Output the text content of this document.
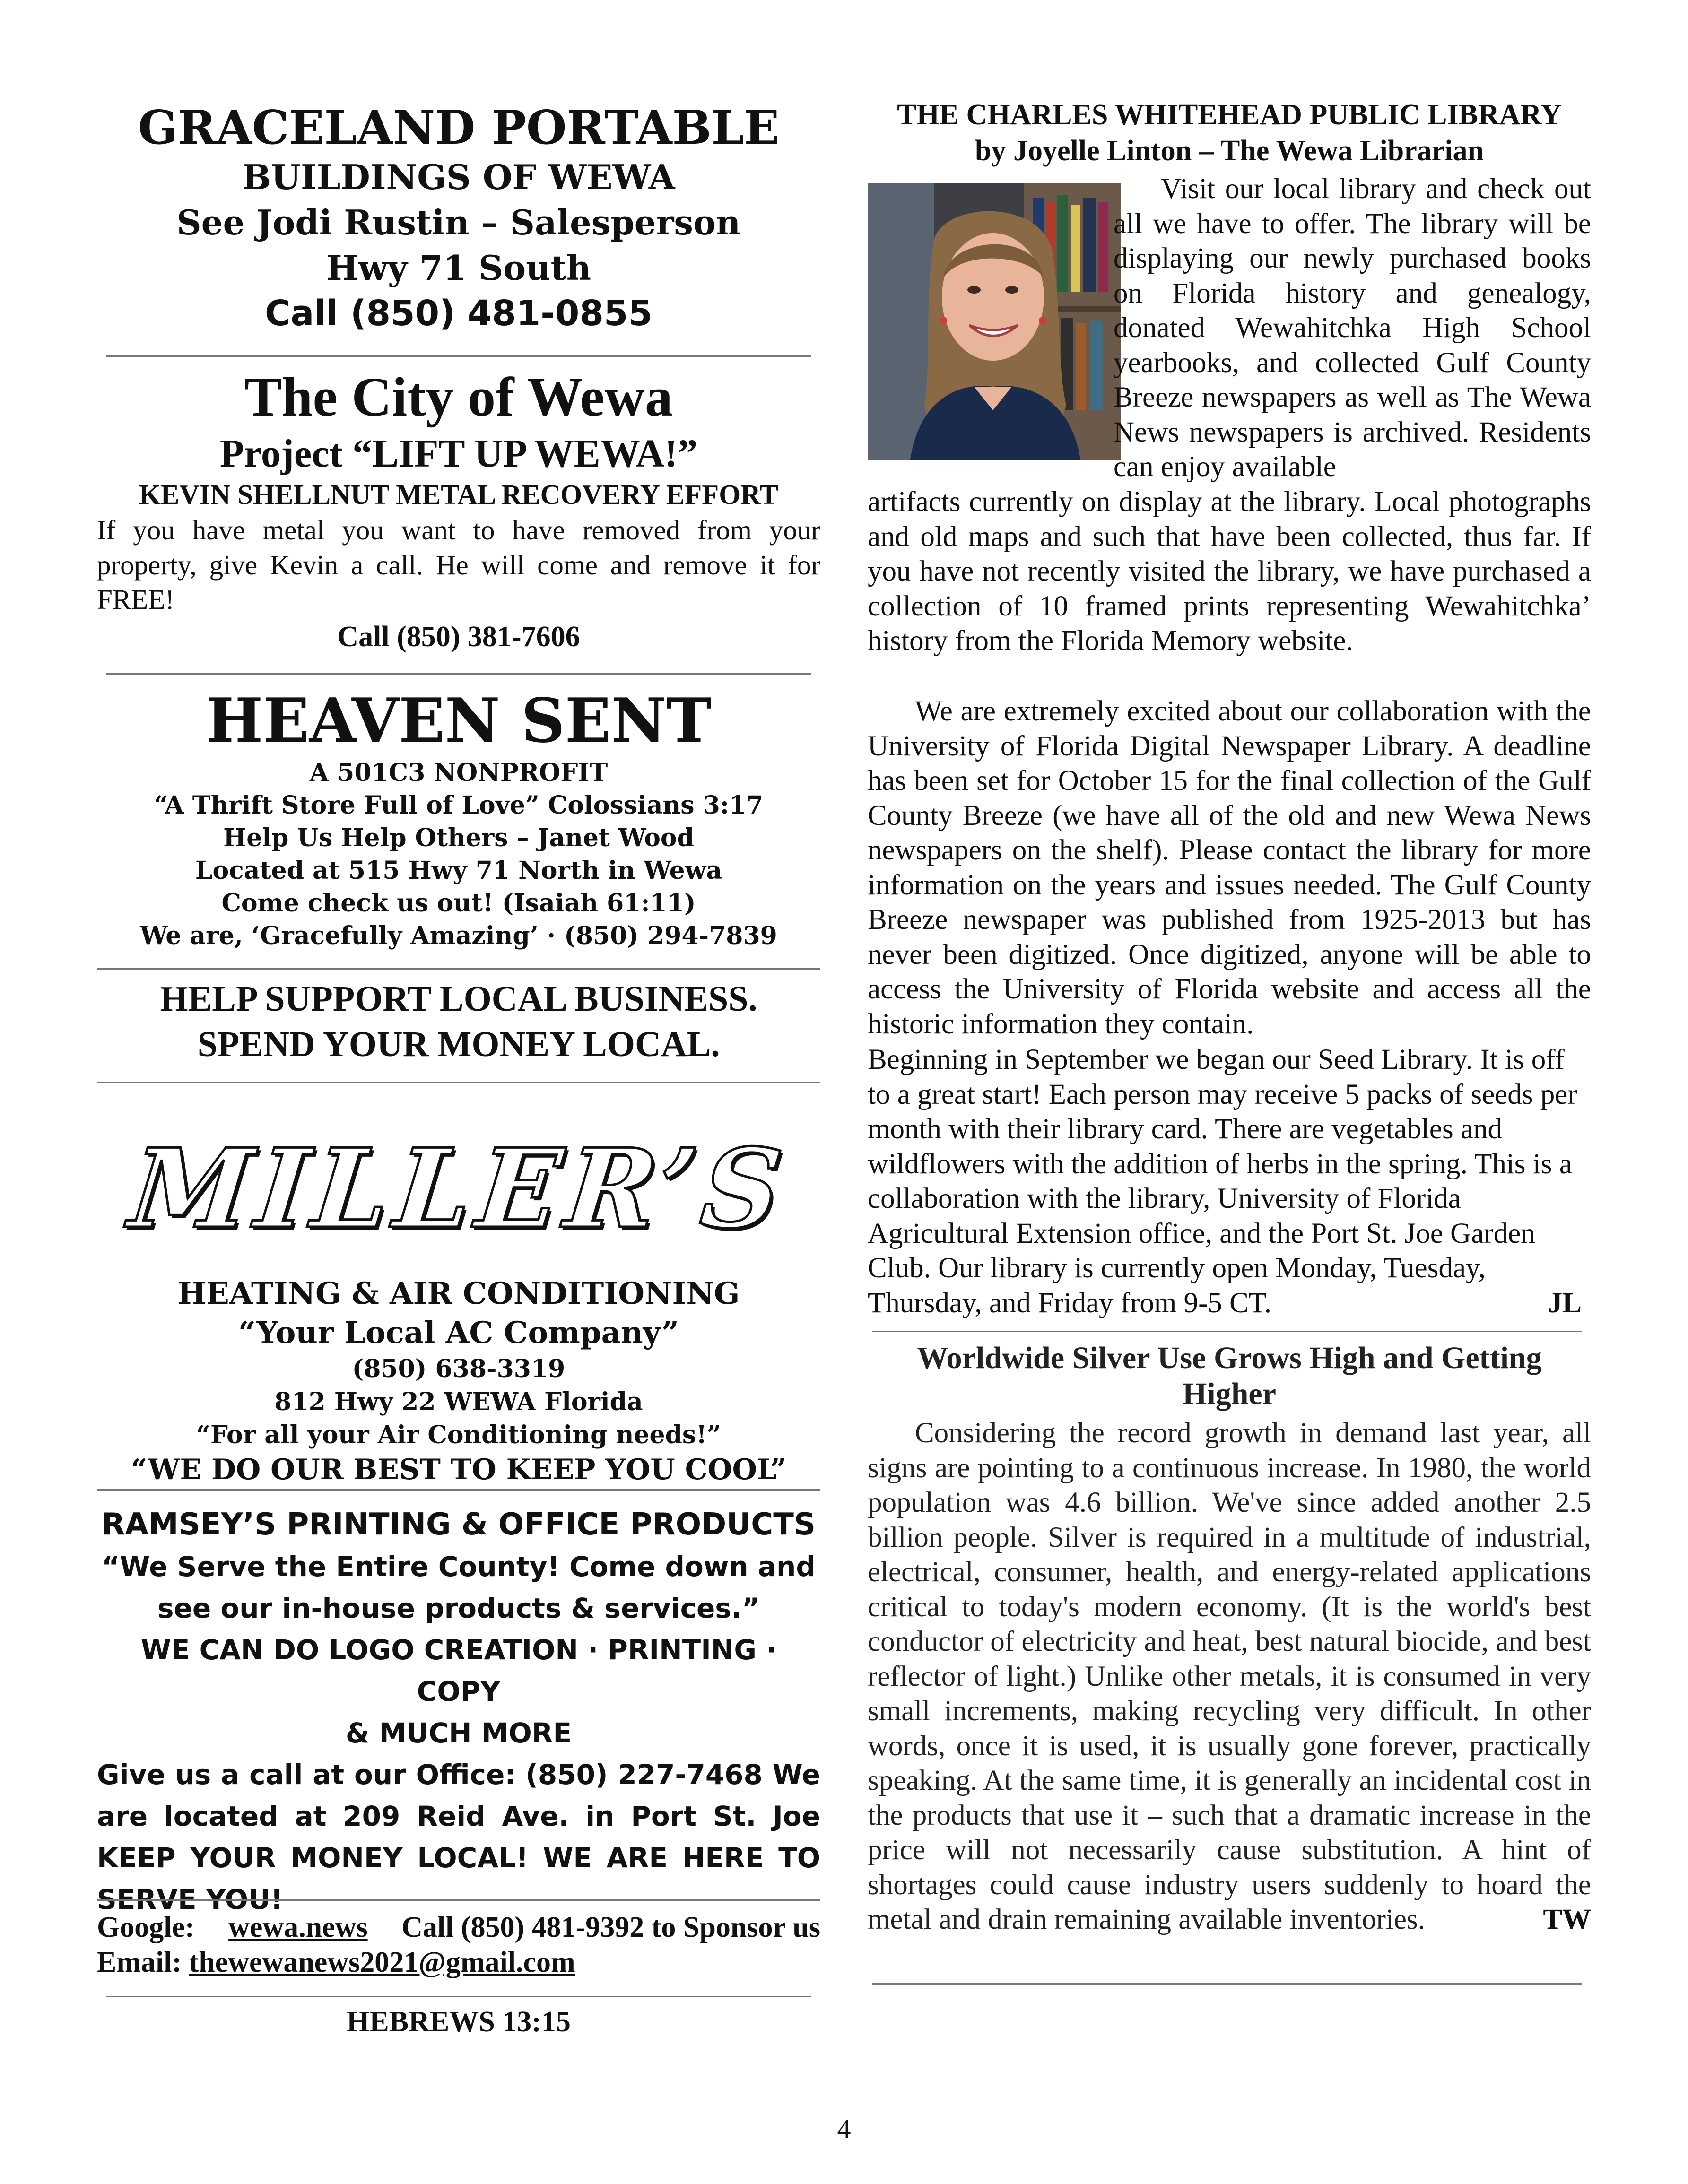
GRACELAND PORTABLE
BUILDINGS OF WEWA
See Jodi Rustin – Salesperson
Hwy 71 South
Call (850) 481-0855
The City of Wewa
Project “LIFT UP WEWA!”
KEVIN SHELLNUT METAL RECOVERY EFFORT

If you have metal you want to have removed from your property, give Kevin a call. He will come and remove it for FREE!

Call (850) 381-7606
HEAVEN SENT
A 501C3 NONPROFIT
“A Thrift Store Full of Love” Colossians 3:17
Help Us Help Others – Janet Wood
Located at 515 Hwy 71 North in Wewa
Come check us out! (Isaiah 61:11)
We are, ‘Gracefully Amazing’ · (850) 294-7839
HELP SUPPORT LOCAL BUSINESS.
SPEND YOUR MONEY LOCAL.
MILLER’S
HEATING & AIR CONDITIONING
“Your Local AC Company”
(850) 638-3319
812 Hwy 22 WEWA Florida
“For all your Air Conditioning needs!”
“WE DO OUR BEST TO KEEP YOU COOL”
RAMSEY’S PRINTING & OFFICE PRODUCTS
“We Serve the Entire County! Come down and
see our in-house products & services.”
WE CAN DO LOGO CREATION · PRINTING · COPY
& MUCH MORE

Give us a call at our Office: (850) 227-7468 We are located at 209 Reid Ave. in Port St. Joe KEEP YOUR MONEY LOCAL! WE ARE HERE TO SERVE YOU!

Google: wewa.news Call (850) 481-9392 to Sponsor us
Email: thewewanews2021@gmail.com
HEBREWS 13:15
THE CHARLES WHITEHEAD PUBLIC LIBRARY
by Joyelle Linton – The Wewa Librarian

Visit our local library and check out all we have to offer. The library will be displaying our newly purchased books on Florida history and genealogy, donated Wewahitchka High School yearbooks, and collected Gulf County Breeze newspapers as well as The Wewa News newspapers is archived. Residents can enjoy available

artifacts currently on display at the library. Local photographs and old maps and such that have been collected, thus far. If you have not recently visited the library, we have purchased a collection of 10 framed prints representing Wewahitchka’ history from the Florida Memory website.

We are extremely excited about our collaboration with the University of Florida Digital Newspaper Library. A deadline has been set for October 15 for the final collection of the Gulf County Breeze (we have all of the old and new Wewa News newspapers on the shelf). Please contact the library for more information on the years and issues needed. The Gulf County Breeze newspaper was published from 1925-2013 but has never been digitized. Once digitized, anyone will be able to access the University of Florida website and access all the historic information they contain.

Beginning in September we began our Seed Library. It is off to a great start! Each person may receive 5 packs of seeds per month with their library card. There are vegetables and wildflowers with the addition of herbs in the spring. This is a collaboration with the library, University of Florida Agricultural Extension office, and the Port St. Joe Garden Club. Our library is currently open Monday, Tuesday, Thursday, and Friday from 9-5 CT.	JL
Worldwide Silver Use Grows High and Getting Higher

Considering the record growth in demand last year, all signs are pointing to a continuous increase. In 1980, the world population was 4.6 billion. We've since added another 2.5 billion people. Silver is required in a multitude of industrial, electrical, consumer, health, and energy-related applications critical to today's modern economy. (It is the world's best conductor of electricity and heat, best natural biocide, and best reflector of light.) Unlike other metals, it is consumed in very small increments, making recycling very difficult. In other words, once it is used, it is usually gone forever, practically speaking. At the same time, it is generally an incidental cost in the products that use it – such that a dramatic increase in the price will not necessarily cause substitution. A hint of shortages could cause industry users suddenly to hoard the metal and drain remaining available inventories.	TW
4
